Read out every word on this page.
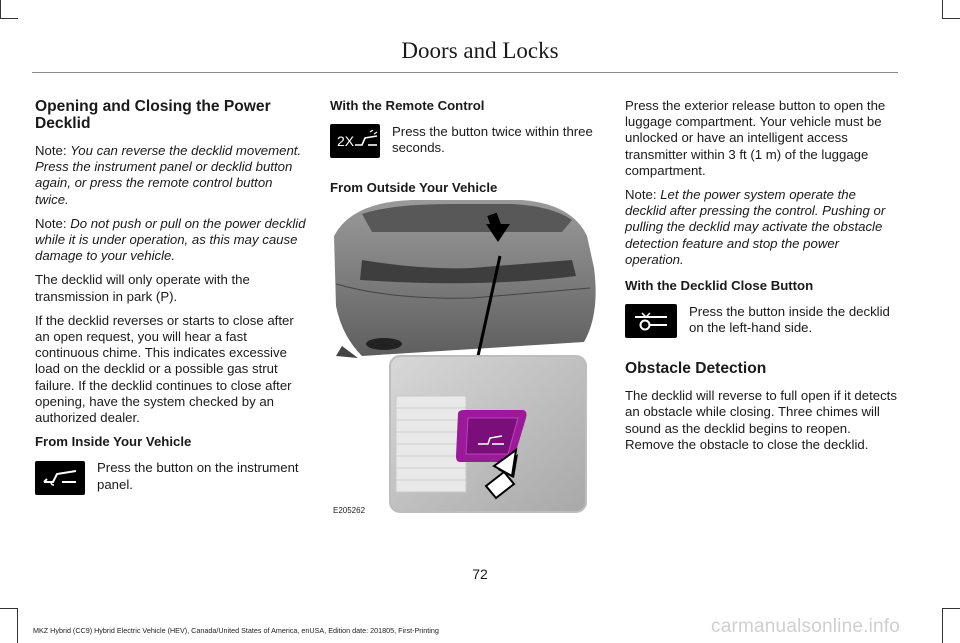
Doors and Locks
Opening and Closing the Power Decklid

Note: You can reverse the decklid movement. Press the instrument panel or decklid button again, or press the remote control button twice.

Note: Do not push or pull on the power decklid while it is under operation, as this may cause damage to your vehicle.

The decklid will only operate with the transmission in park (P).

If the decklid reverses or starts to close after an open request, you will hear a fast continuous chime. This indicates excessive load on the decklid or a possible gas strut failure. If the decklid continues to close after opening, have the system checked by an authorized dealer.

From Inside Your Vehicle

Press the button on the instrument panel.

With the Remote Control

2X
Press the button twice within three seconds.

From Outside Your Vehicle

E205262

Press the exterior release button to open the luggage compartment. Your vehicle must be unlocked or have an intelligent access transmitter within 3 ft (1 m) of the luggage compartment.

Note: Let the power system operate the decklid after pressing the control. Pushing or pulling the decklid may activate the obstacle detection feature and stop the power operation.

With the Decklid Close Button

Press the button inside the decklid on the left-hand side.
Obstacle Detection

The decklid will reverse to full open if it detects an obstacle while closing. Three chimes will sound as the decklid begins to reopen. Remove the obstacle to close the decklid.

72
MKZ Hybrid (CC9) Hybrid Electric Vehicle (HEV), Canada/United States of America, enUSA, Edition date: 201805, First-Printing	carmanualsonline.info
